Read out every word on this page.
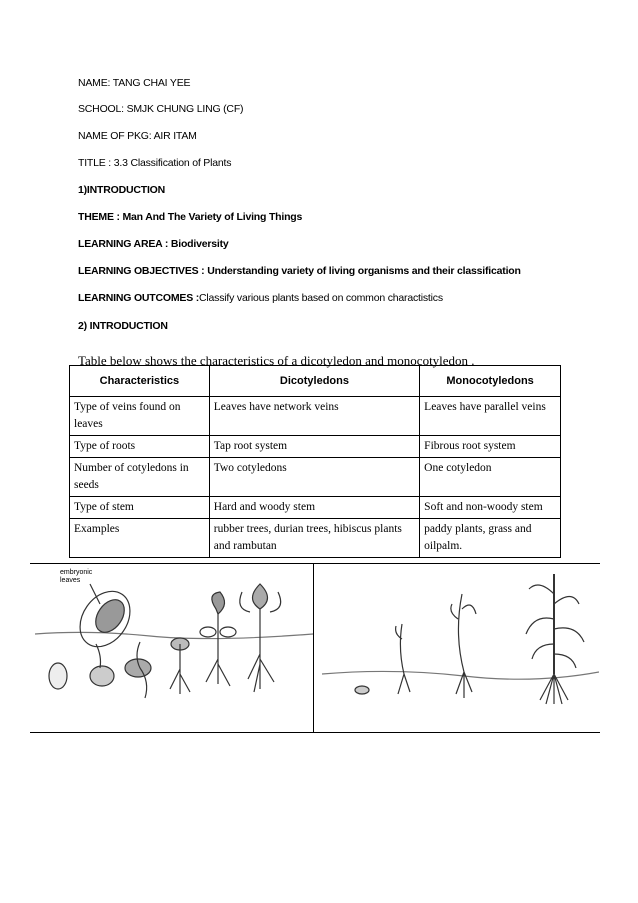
NAME: TANG CHAI YEE
SCHOOL: SMJK CHUNG LING (CF)
NAME OF PKG: AIR ITAM
TITLE : 3.3 Classification of Plants
1)INTRODUCTION
THEME : Man And The Variety of Living Things
LEARNING AREA : Biodiversity
LEARNING OBJECTIVES : Understanding variety of living organisms and their classification
LEARNING OUTCOMES :Classify various plants based on common charactistics
2) INTRODUCTION
Table below shows the characteristics of a dicotyledon and monocotyledon .
Characteristics	Dicotyledons	Monocotyledons
Type of veins found on leaves	Leaves have network veins	Leaves have parallel veins
Type of roots	Tap root system	Fibrous root system
Number of cotyledons in seeds	Two cotyledons	One cotyledon
Type of stem	Hard and woody stem	Soft and non-woody stem
Examples	rubber trees, durian trees, hibiscus plants and rambutan	paddy plants, grass and oilpalm.
embryonic
leaves
